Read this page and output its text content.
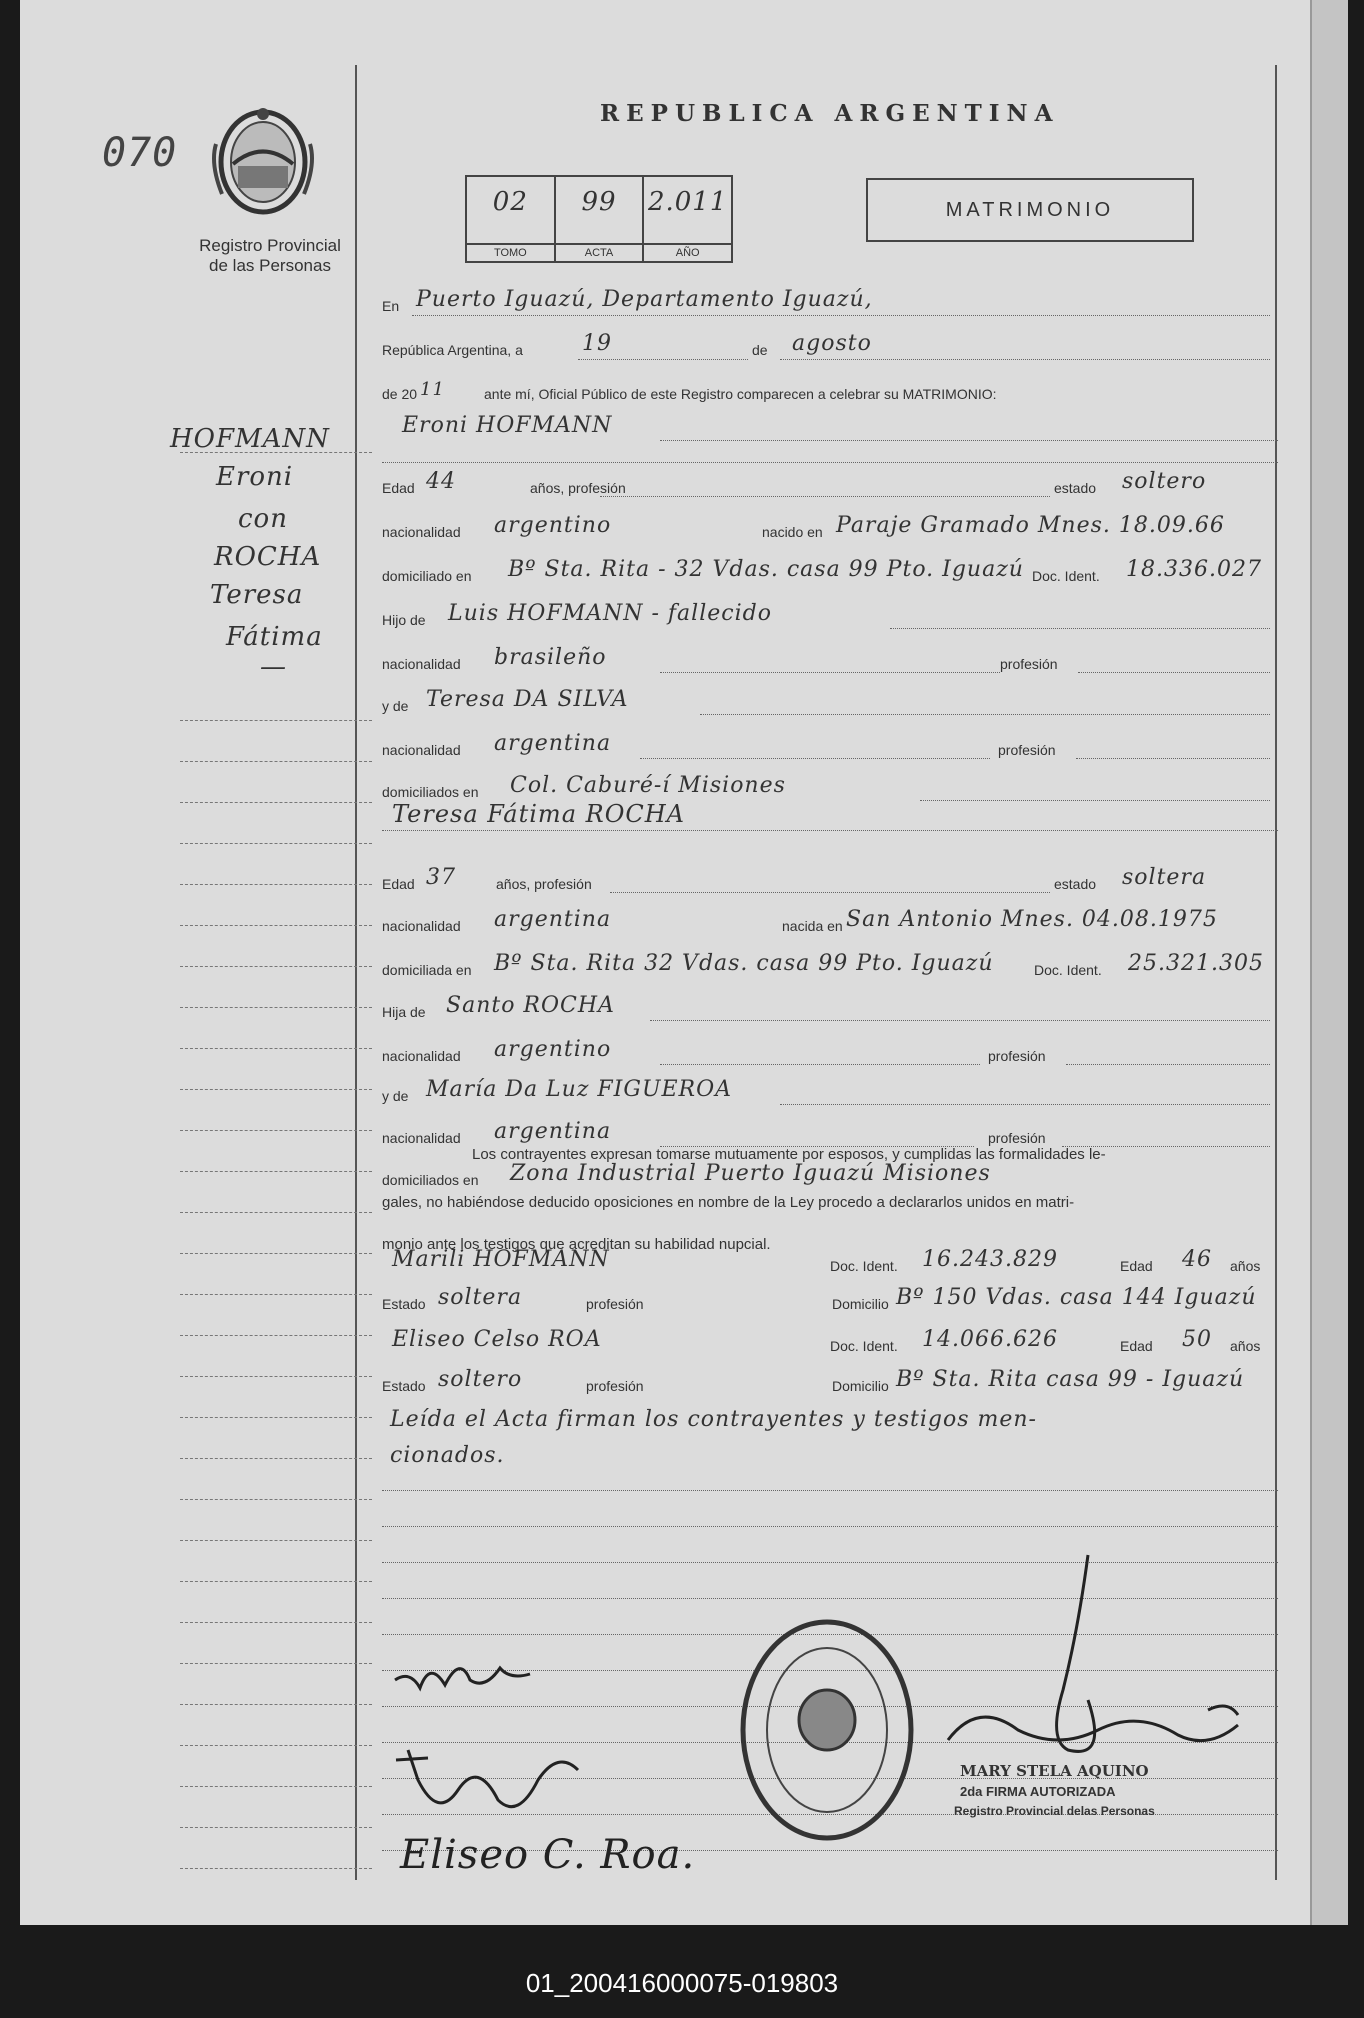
070
Registro Provincial
de las Personas
REPUBLICA ARGENTINA
02
TOMO
99
ACTA
2.011
AÑO
MATRIMONIO
HOFMANN
Eroni
con
ROCHA
Teresa
Fátima
—
En Puerto Iguazú, Departamento Iguazú,
República Argentina, a	19	de agosto
de 20 11	ante mí, Oficial Público de este Registro comparecen a celebrar su MATRIMONIO:
Eroni HOFMANN
Edad 44	años, profesión	estado soltero
nacionalidad argentino	nacido en Paraje Gramado Mnes. 18.09.66
domiciliado en Bº Sta. Rita - 32 Vdas. casa 99 Pto. Iguazú Doc. Ident. 18.336.027
Hijo de Luis HOFMANN - fallecido
nacionalidad brasileño	profesión
y de Teresa DA SILVA
nacionalidad argentina	profesión
domiciliados en Col. Caburé-í Misiones
Teresa Fátima ROCHA
Edad 37	años, profesión	estado soltera
nacionalidad argentina	nacida en San Antonio Mnes. 04.08.1975
domiciliada en Bº Sta. Rita 32 Vdas. casa 99 Pto. Iguazú	Doc. Ident. 25.321.305
Hija de Santo ROCHA
nacionalidad argentino	profesión
y de María Da Luz FIGUEROA
nacionalidad argentina	profesión
domiciliados en Zona Industrial Puerto Iguazú Misiones
Los contrayentes expresan tomarse mutuamente por esposos, y cumplidas las formalidades le-
gales, no habiéndose deducido oposiciones en nombre de la Ley procedo a declararlos unidos en matri-
monio ante los testigos que acreditan su habilidad nupcial.
Marili HOFMANN	Doc. Ident. 16.243.829	Edad 46 años
Estado soltera	profesión	Domicilio Bº 150 Vdas. casa 144 Iguazú
Eliseo Celso ROA	Doc. Ident. 14.066.626	Edad 50 años
Estado soltero	profesión	Domicilio Bº Sta. Rita casa 99 - Iguazú
Leída el Acta firman los contrayentes y testigos men-
cionados.
Eliseo C. Roa.
MARY STELA AQUINO
2da FIRMA AUTORIZADA
Registro Provincial delas Personas
01_200416000075-019803
